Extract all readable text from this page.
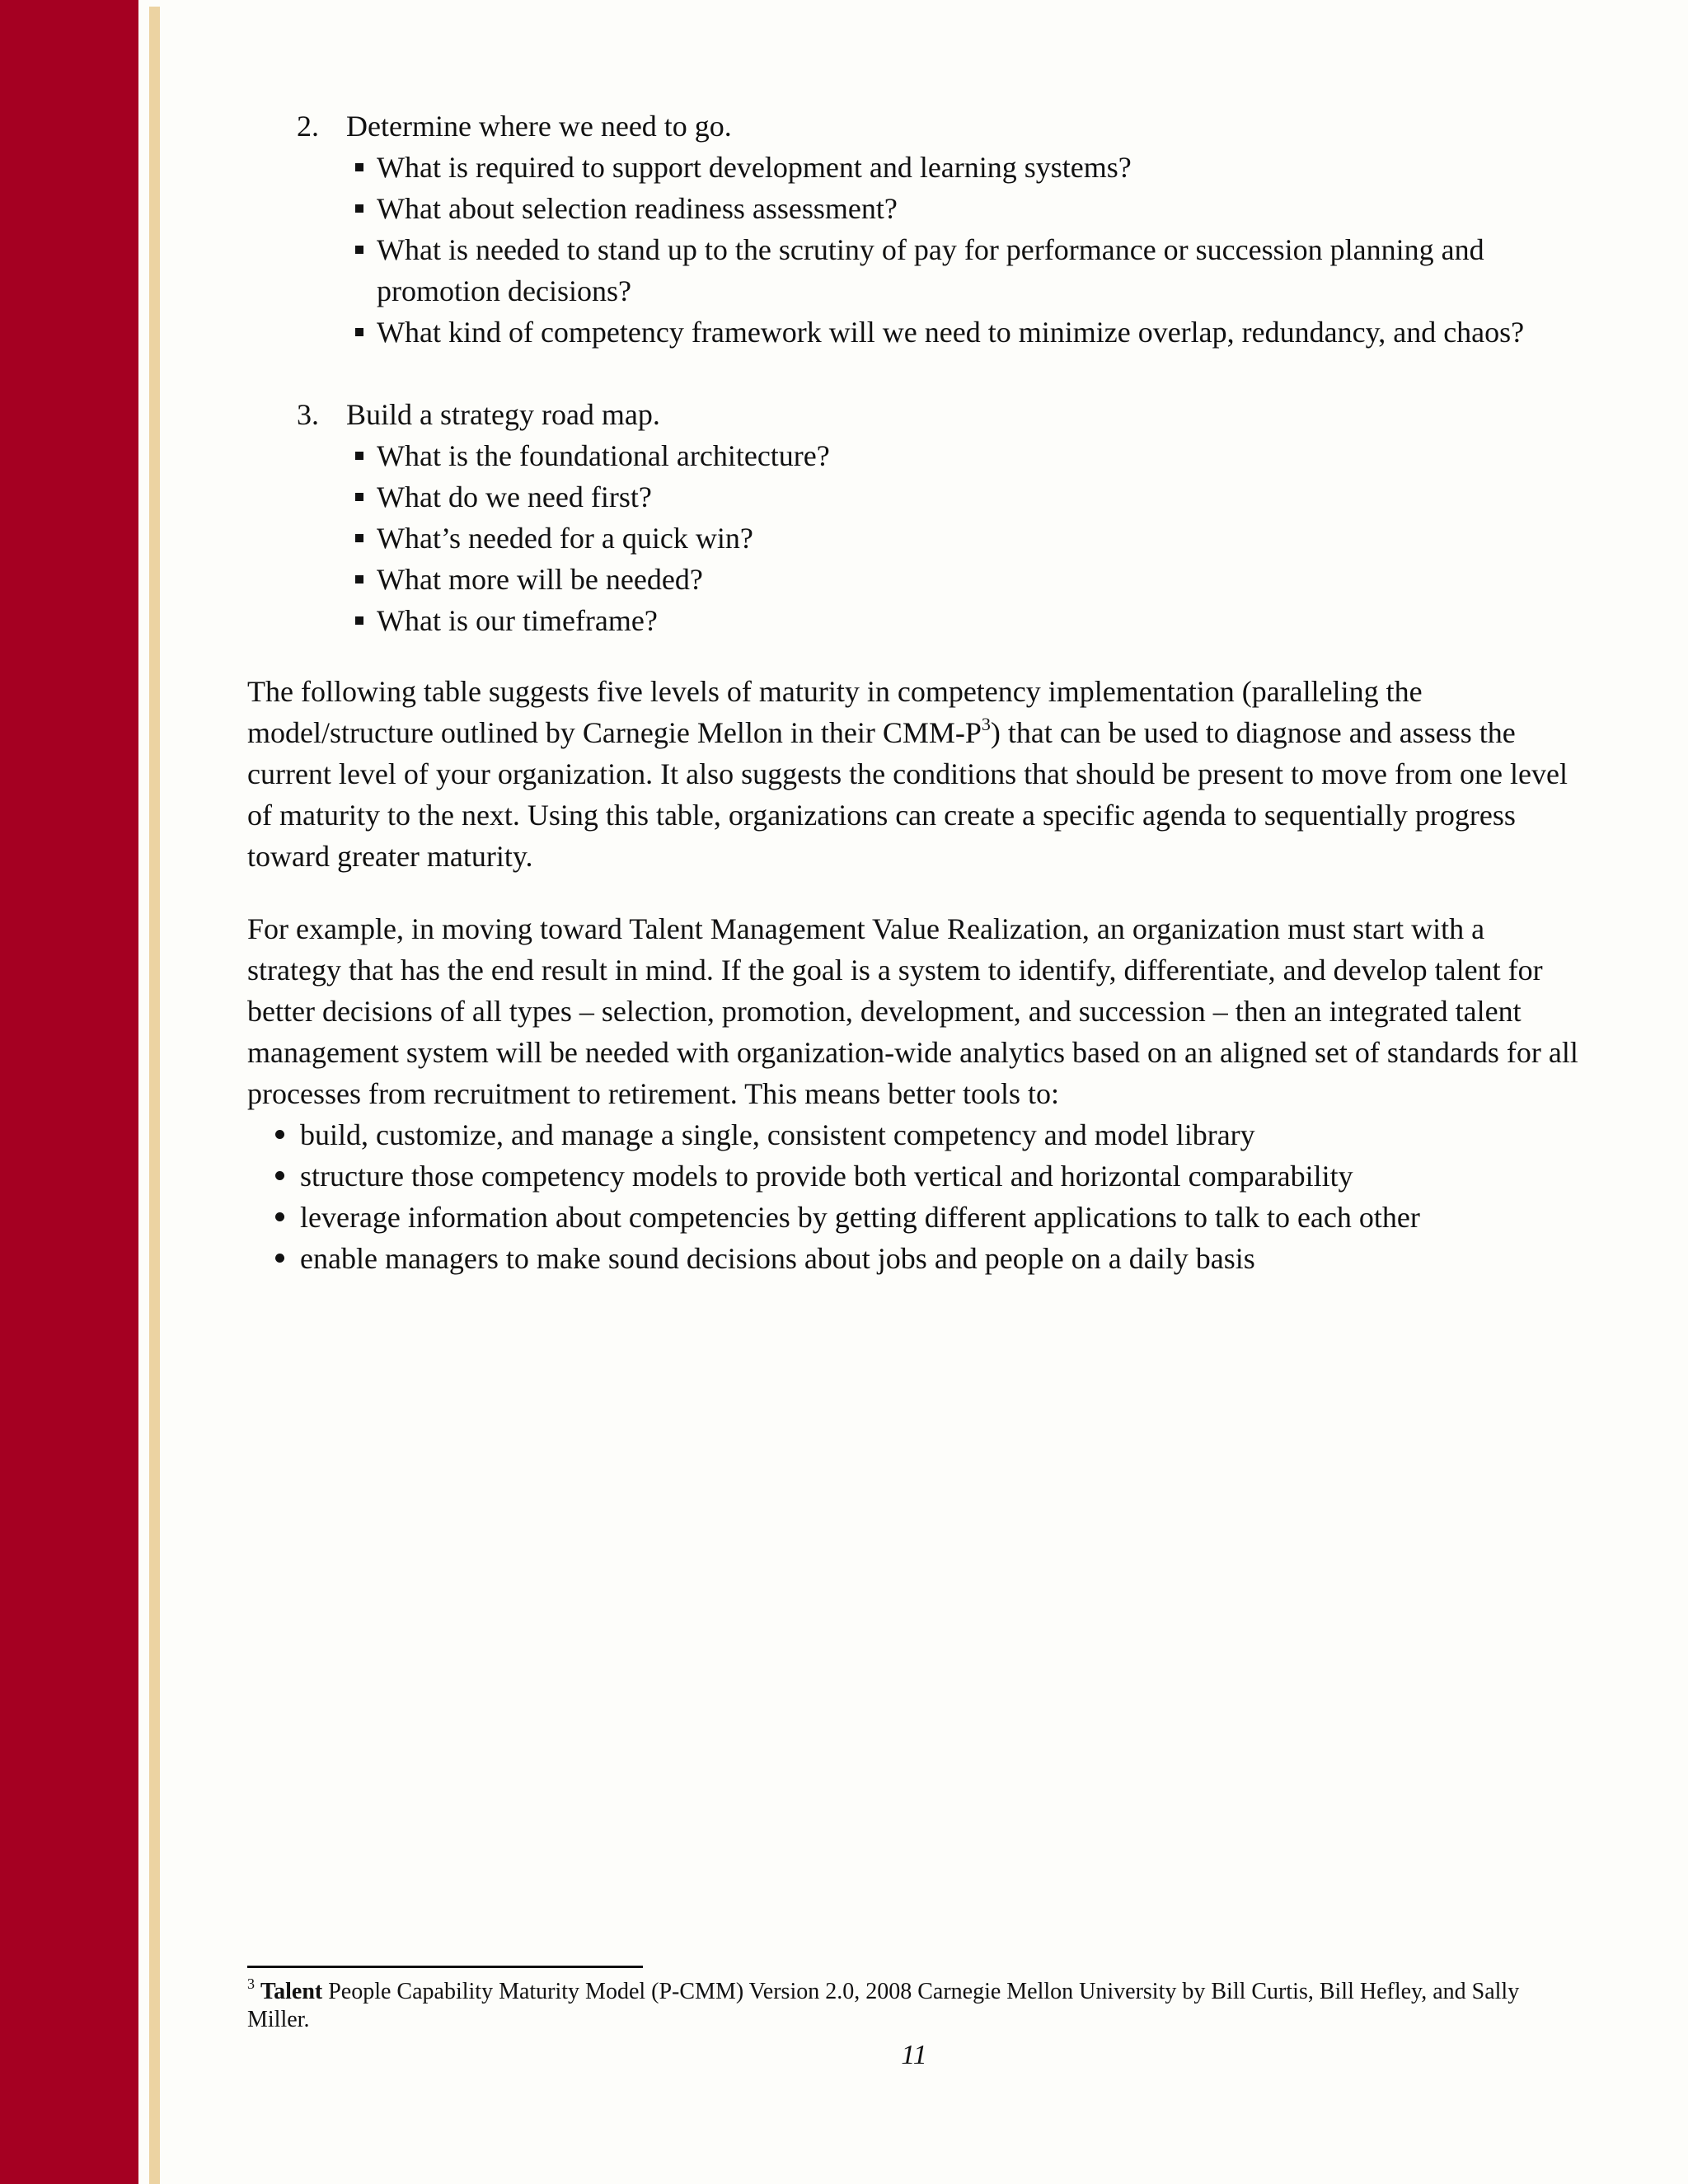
2. Determine where we need to go.
What is required to support development and learning systems?
What about selection readiness assessment?
What is needed to stand up to the scrutiny of pay for performance or succession planning and promotion decisions?
What kind of competency framework will we need to minimize overlap, redundancy, and chaos?
3. Build a strategy road map.
What is the foundational architecture?
What do we need first?
What’s needed for a quick win?
What more will be needed?
What is our timeframe?

The following table suggests five levels of maturity in competency implementation (paralleling the model/structure outlined by Carnegie Mellon in their CMM-$P^3$) that can be used to diagnose and assess the current level of your organization. It also suggests the conditions that should be present to move from one level of maturity to the next. Using this table, organizations can create a specific agenda to sequentially progress toward greater maturity.

For example, in moving toward Talent Management Value Realization, an organization must start with a strategy that has the end result in mind. If the goal is a system to identify, differentiate, and develop talent for better decisions of all types – selection, promotion, development, and succession – then an integrated talent management system will be needed with organization-wide analytics based on an aligned set of standards for all processes from recruitment to retirement. This means better tools to:

build, customize, and manage a single, consistent competency and model library
structure those competency models to provide both vertical and horizontal comparability
leverage information about competencies by getting different applications to talk to each other
enable managers to make sound decisions about jobs and people on a daily basis
$^3$ Talent People Capability Maturity Model (P-CMM) Version 2.0, 2008 Carnegie Mellon University by Bill Curtis, Bill Hefley, and Sally Miller.
11
